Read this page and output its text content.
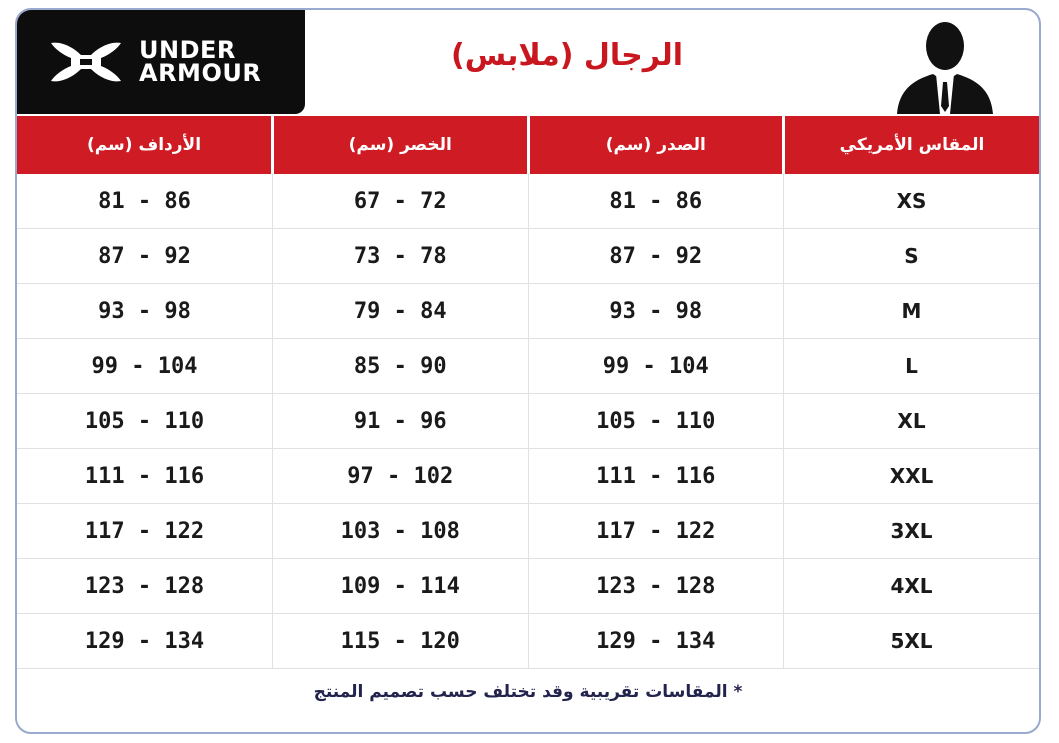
UNDER
ARMOUR	الرجال (ملابس)
الأرداف (سم)	الخصر (سم)	الصدر (سم)	المقاس الأمريكي
81 - 86	67 - 72	81 - 86	XS
87 - 92	73 - 78	87 - 92	S
93 - 98	79 - 84	93 - 98	M
99 - 104	85 - 90	99 - 104	L
105 - 110	91 - 96	105 - 110	XL
111 - 116	97 - 102	111 - 116	XXL
117 - 122	103 - 108	117 - 122	3XL
123 - 128	109 - 114	123 - 128	4XL
129 - 134	115 - 120	129 - 134	5XL
* المقاسات تقريبية وقد تختلف حسب تصميم المنتج
